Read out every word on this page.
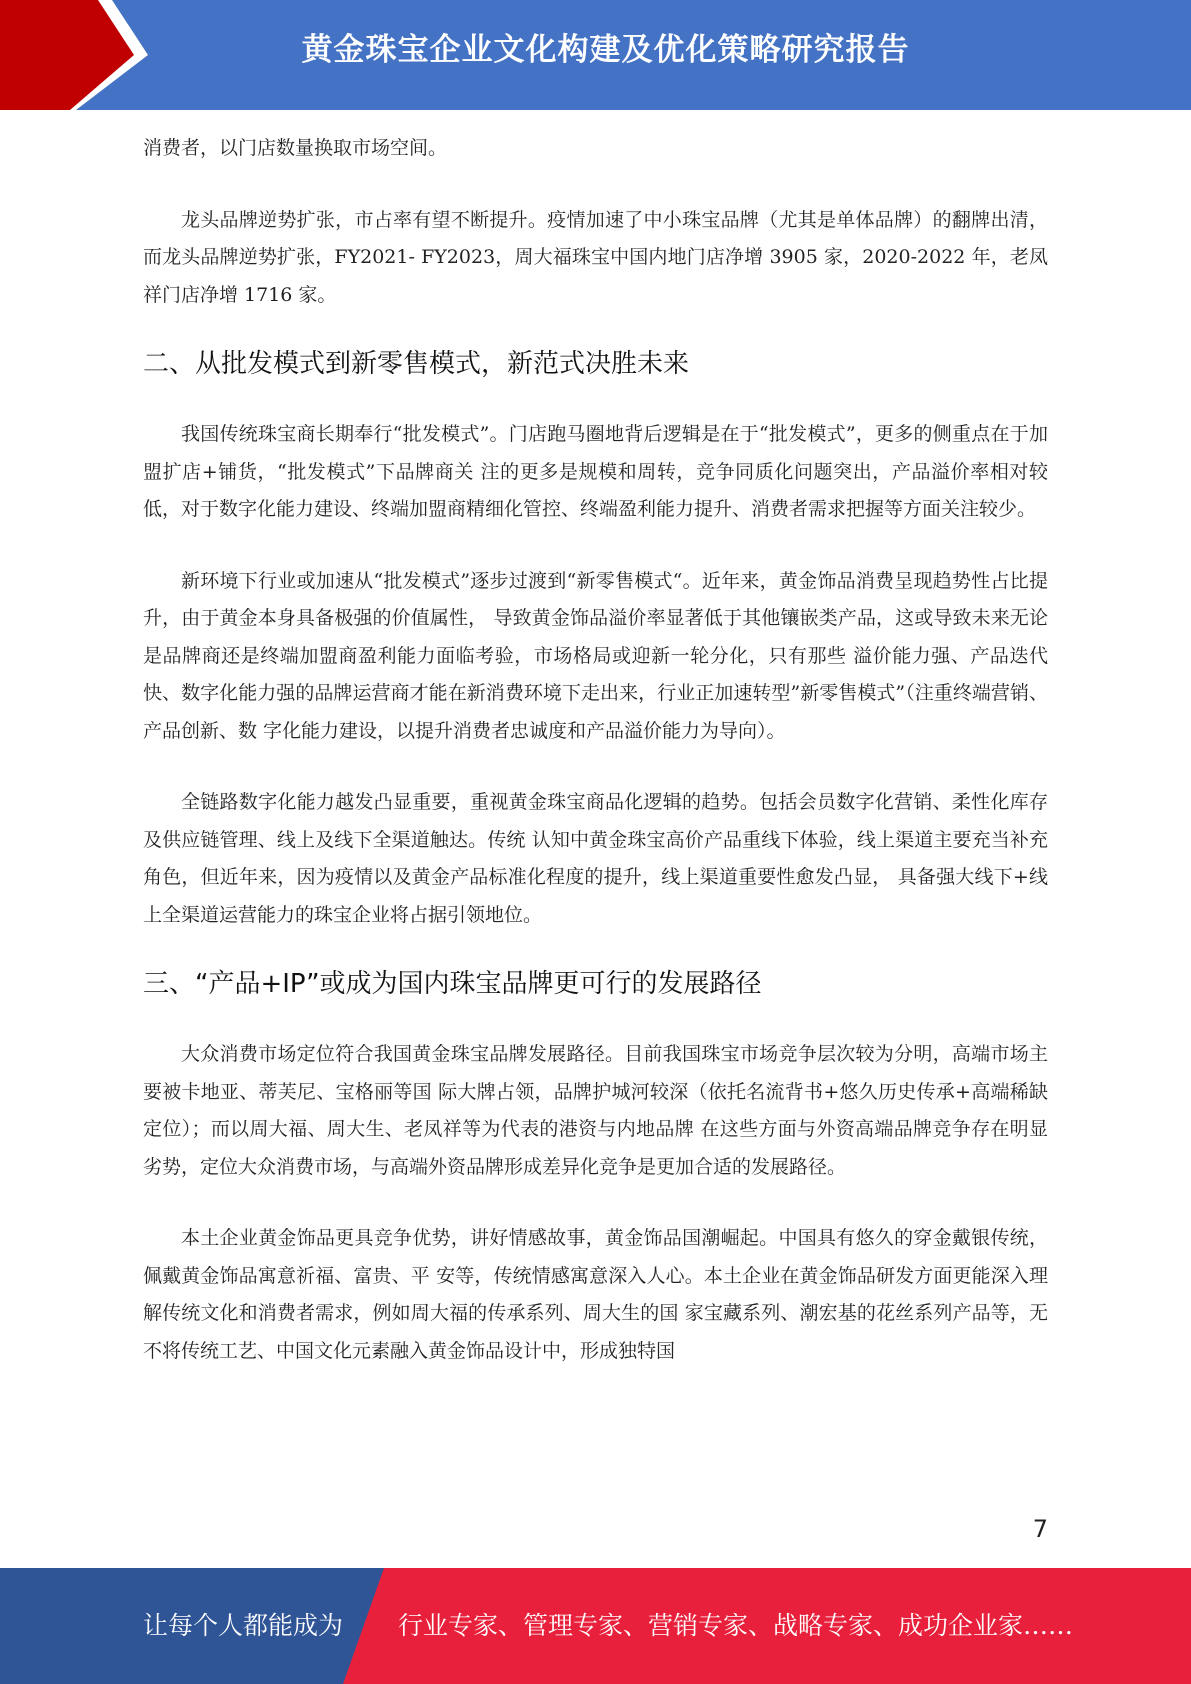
黄金珠宝企业文化构建及优化策略研究报告

消费者，以门店数量换取市场空间。

龙头品牌逆势扩张，市占率有望不断提升。疫情加速了中小珠宝品牌（尤其是单体品牌）的翻牌出清，而龙头品牌逆势扩张，FY2021- FY2023，周大福珠宝中国内地门店净增 3905 家，2020-2022 年，老凤祥门店净增 1716 家。

二、从批发模式到新零售模式，新范式决胜未来

我国传统珠宝商长期奉行“批发模式”。门店跑马圈地背后逻辑是在于“批发模式”，更多的侧重点在于加盟扩店+铺货，“批发模式”下品牌商关 注的更多是规模和周转，竞争同质化问题突出，产品溢价率相对较低，对于数字化能力建设、终端加盟商精细化管控、终端盈利能力提升、消费者需求把握等方面关注较少。

新环境下行业或加速从“批发模式”逐步过渡到“新零售模式“。近年来，黄金饰品消费呈现趋势性占比提升，由于黄金本身具备极强的价值属性， 导致黄金饰品溢价率显著低于其他镶嵌类产品，这或导致未来无论是品牌商还是终端加盟商盈利能力面临考验，市场格局或迎新一轮分化，只有那些 溢价能力强、产品迭代快、数字化能力强的品牌运营商才能在新消费环境下走出来，行业正加速转型”新零售模式”（注重终端营销、产品创新、数 字化能力建设，以提升消费者忠诚度和产品溢价能力为导向）。

全链路数字化能力越发凸显重要，重视黄金珠宝商品化逻辑的趋势。包括会员数字化营销、柔性化库存及供应链管理、线上及线下全渠道触达。传统 认知中黄金珠宝高价产品重线下体验，线上渠道主要充当补充角色，但近年来，因为疫情以及黄金产品标准化程度的提升，线上渠道重要性愈发凸显， 具备强大线下+线上全渠道运营能力的珠宝企业将占据引领地位。

三、“产品+IP”或成为国内珠宝品牌更可行的发展路径

大众消费市场定位符合我国黄金珠宝品牌发展路径。目前我国珠宝市场竞争层次较为分明，高端市场主要被卡地亚、蒂芙尼、宝格丽等国 际大牌占领，品牌护城河较深（依托名流背书+悠久历史传承+高端稀缺定位）；而以周大福、周大生、老凤祥等为代表的港资与内地品牌 在这些方面与外资高端品牌竞争存在明显劣势，定位大众消费市场，与高端外资品牌形成差异化竞争是更加合适的发展路径。

本土企业黄金饰品更具竞争优势，讲好情感故事，黄金饰品国潮崛起。中国具有悠久的穿金戴银传统，佩戴黄金饰品寓意祈福、富贵、平 安等，传统情感寓意深入人心。本土企业在黄金饰品研发方面更能深入理解传统文化和消费者需求，例如周大福的传承系列、周大生的国 家宝藏系列、潮宏基的花丝系列产品等，无不将传统工艺、中国文化元素融入黄金饰品设计中，形成独特国

7
让每个人都能成为 行业专家、管理专家、营销专家、战略专家、成功企业家……
